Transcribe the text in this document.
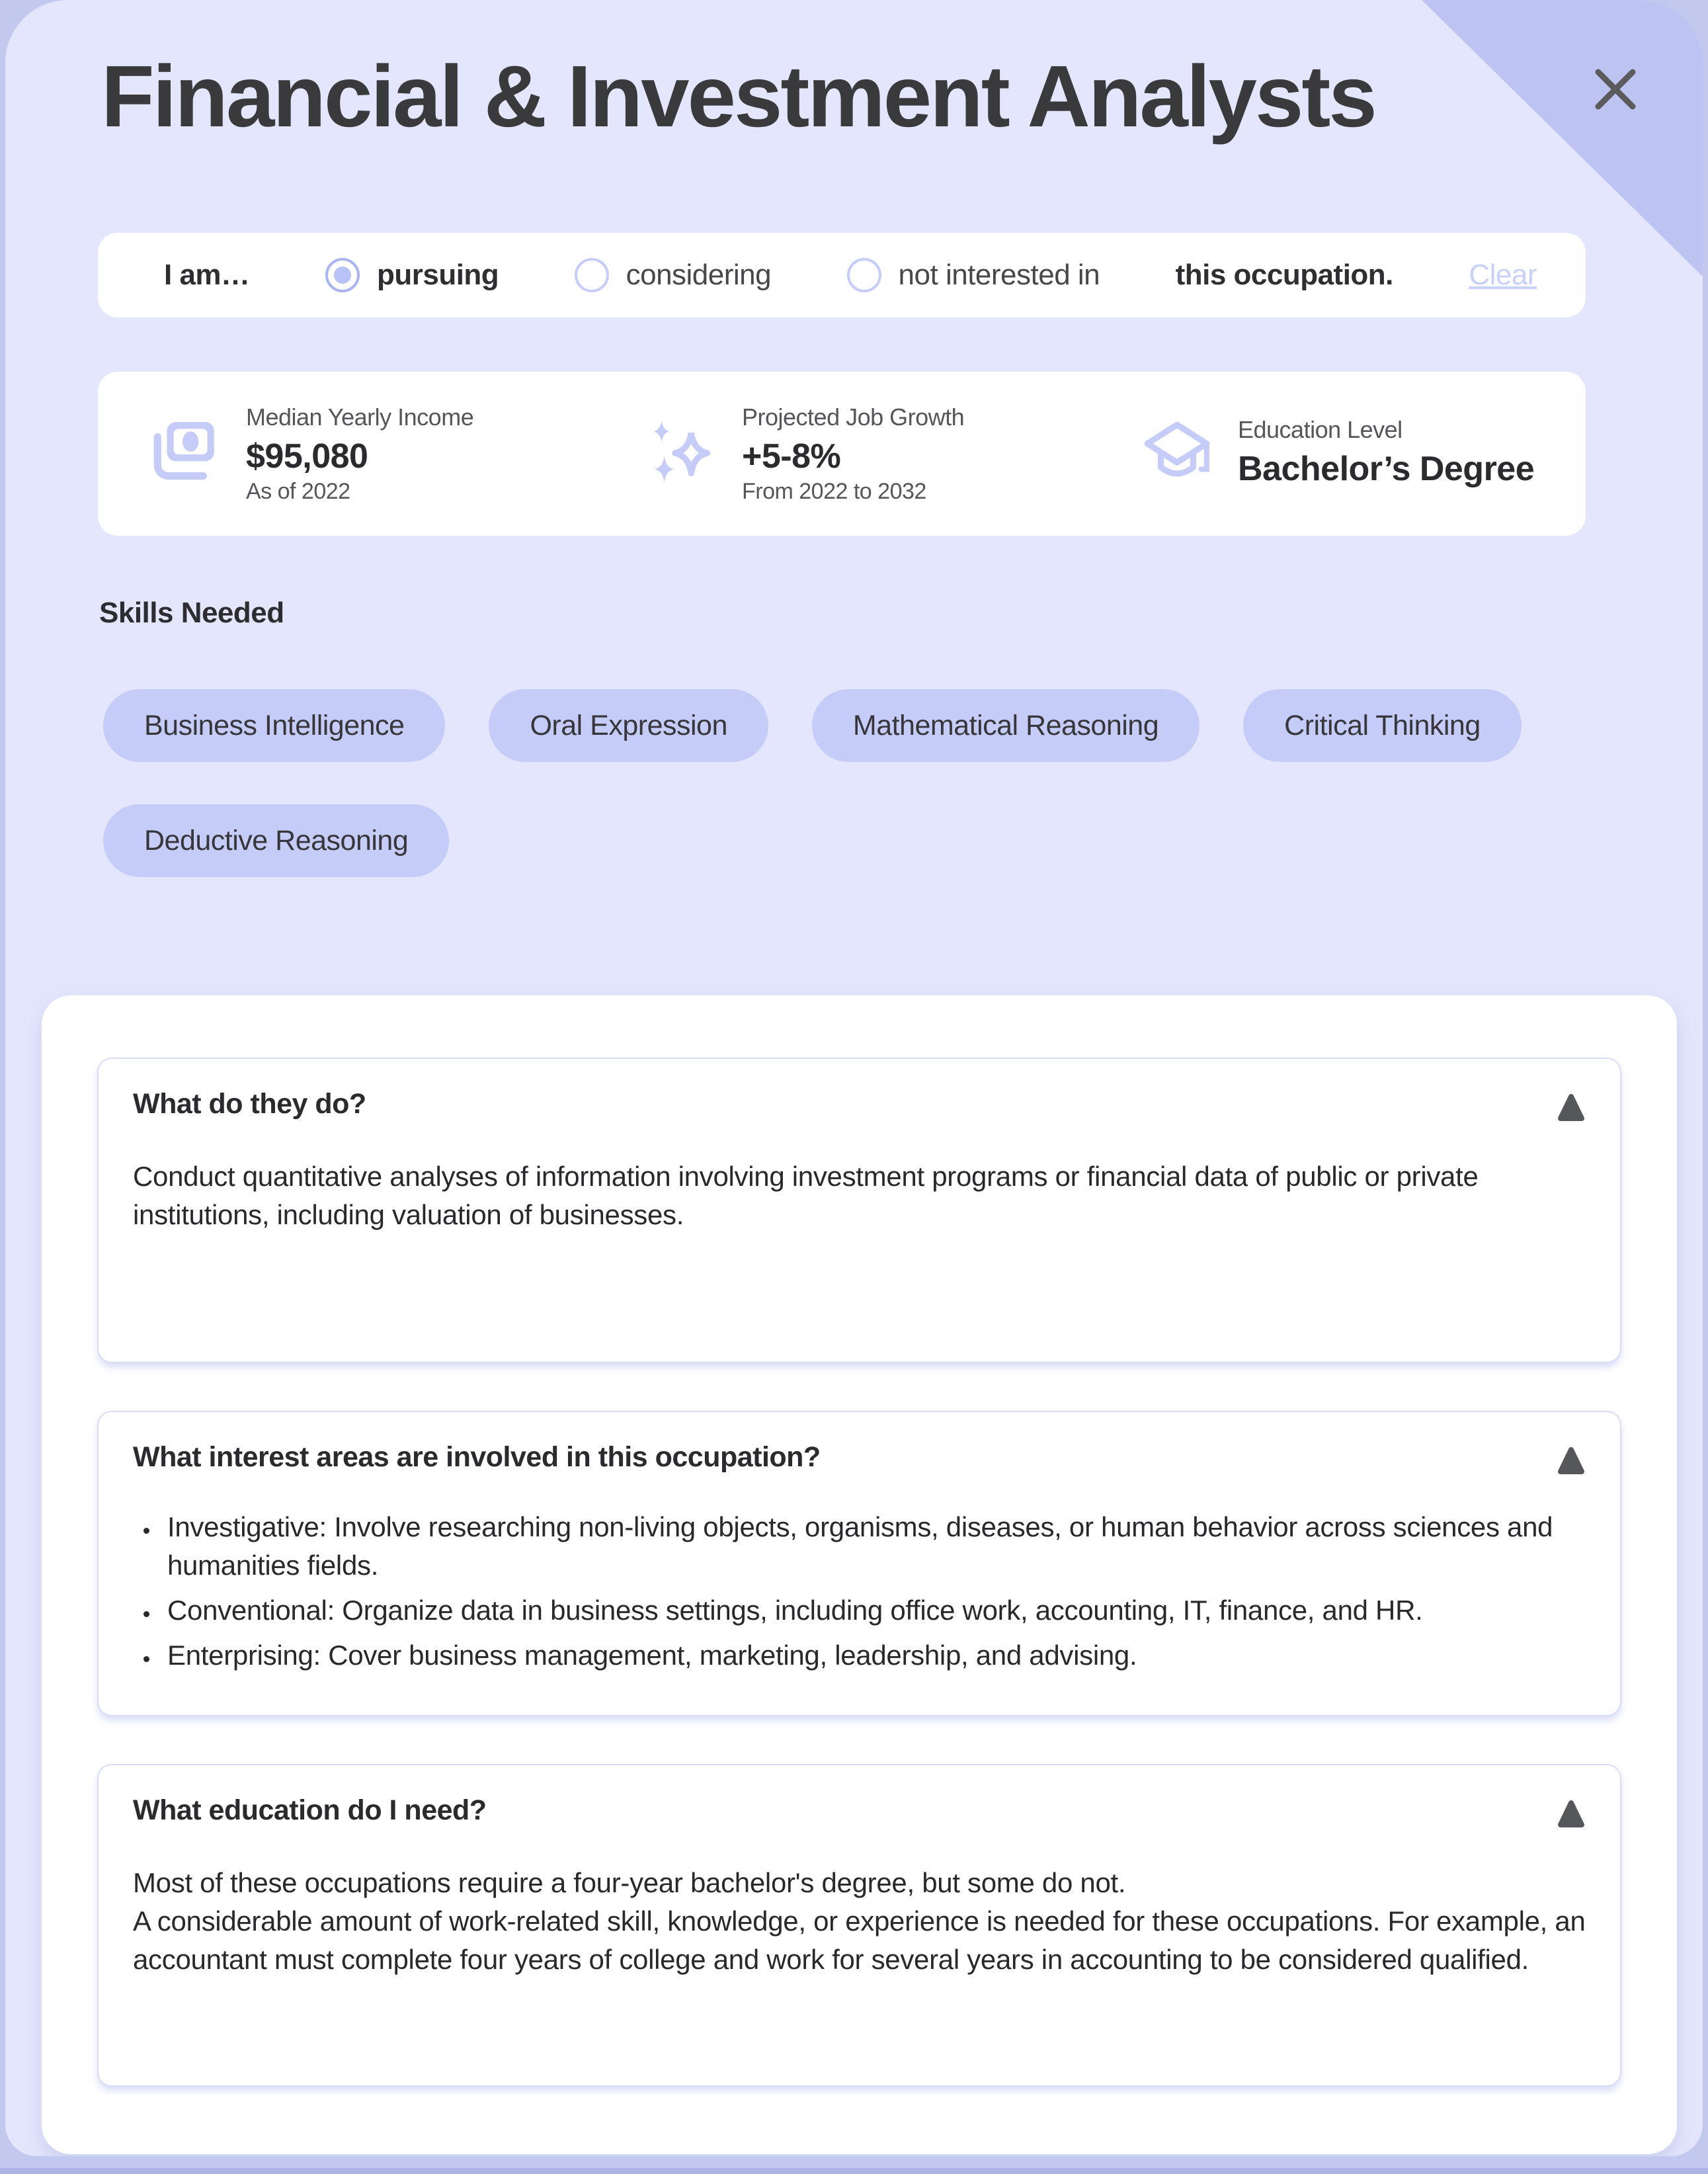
Financial & Investment Analysts
I am…	pursuing	considering	not interested in	this occupation.	Clear
Median Yearly Income
$95,080
As of 2022
Projected Job Growth
+5-8%
From 2022 to 2032
Education Level
Bachelor’s Degree
Skills Needed
Business Intelligence	Oral Expression	Mathematical Reasoning	Critical Thinking
Deductive Reasoning
What do they do?

Conduct quantitative analyses of information involving investment programs or financial data of public or private institutions, including valuation of businesses.

What interest areas are involved in this occupation?
• Investigative: Involve researching non-living objects, organisms, diseases, or human behavior across sciences and humanities fields.
• Conventional: Organize data in business settings, including office work, accounting, IT, finance, and HR.
• Enterprising: Cover business management, marketing, leadership, and advising.
What education do I need?

Most of these occupations require a four-year bachelor's degree, but some do not.

A considerable amount of work-related skill, knowledge, or experience is needed for these occupations. For example, an accountant must complete four years of college and work for several years in accounting to be considered qualified.
